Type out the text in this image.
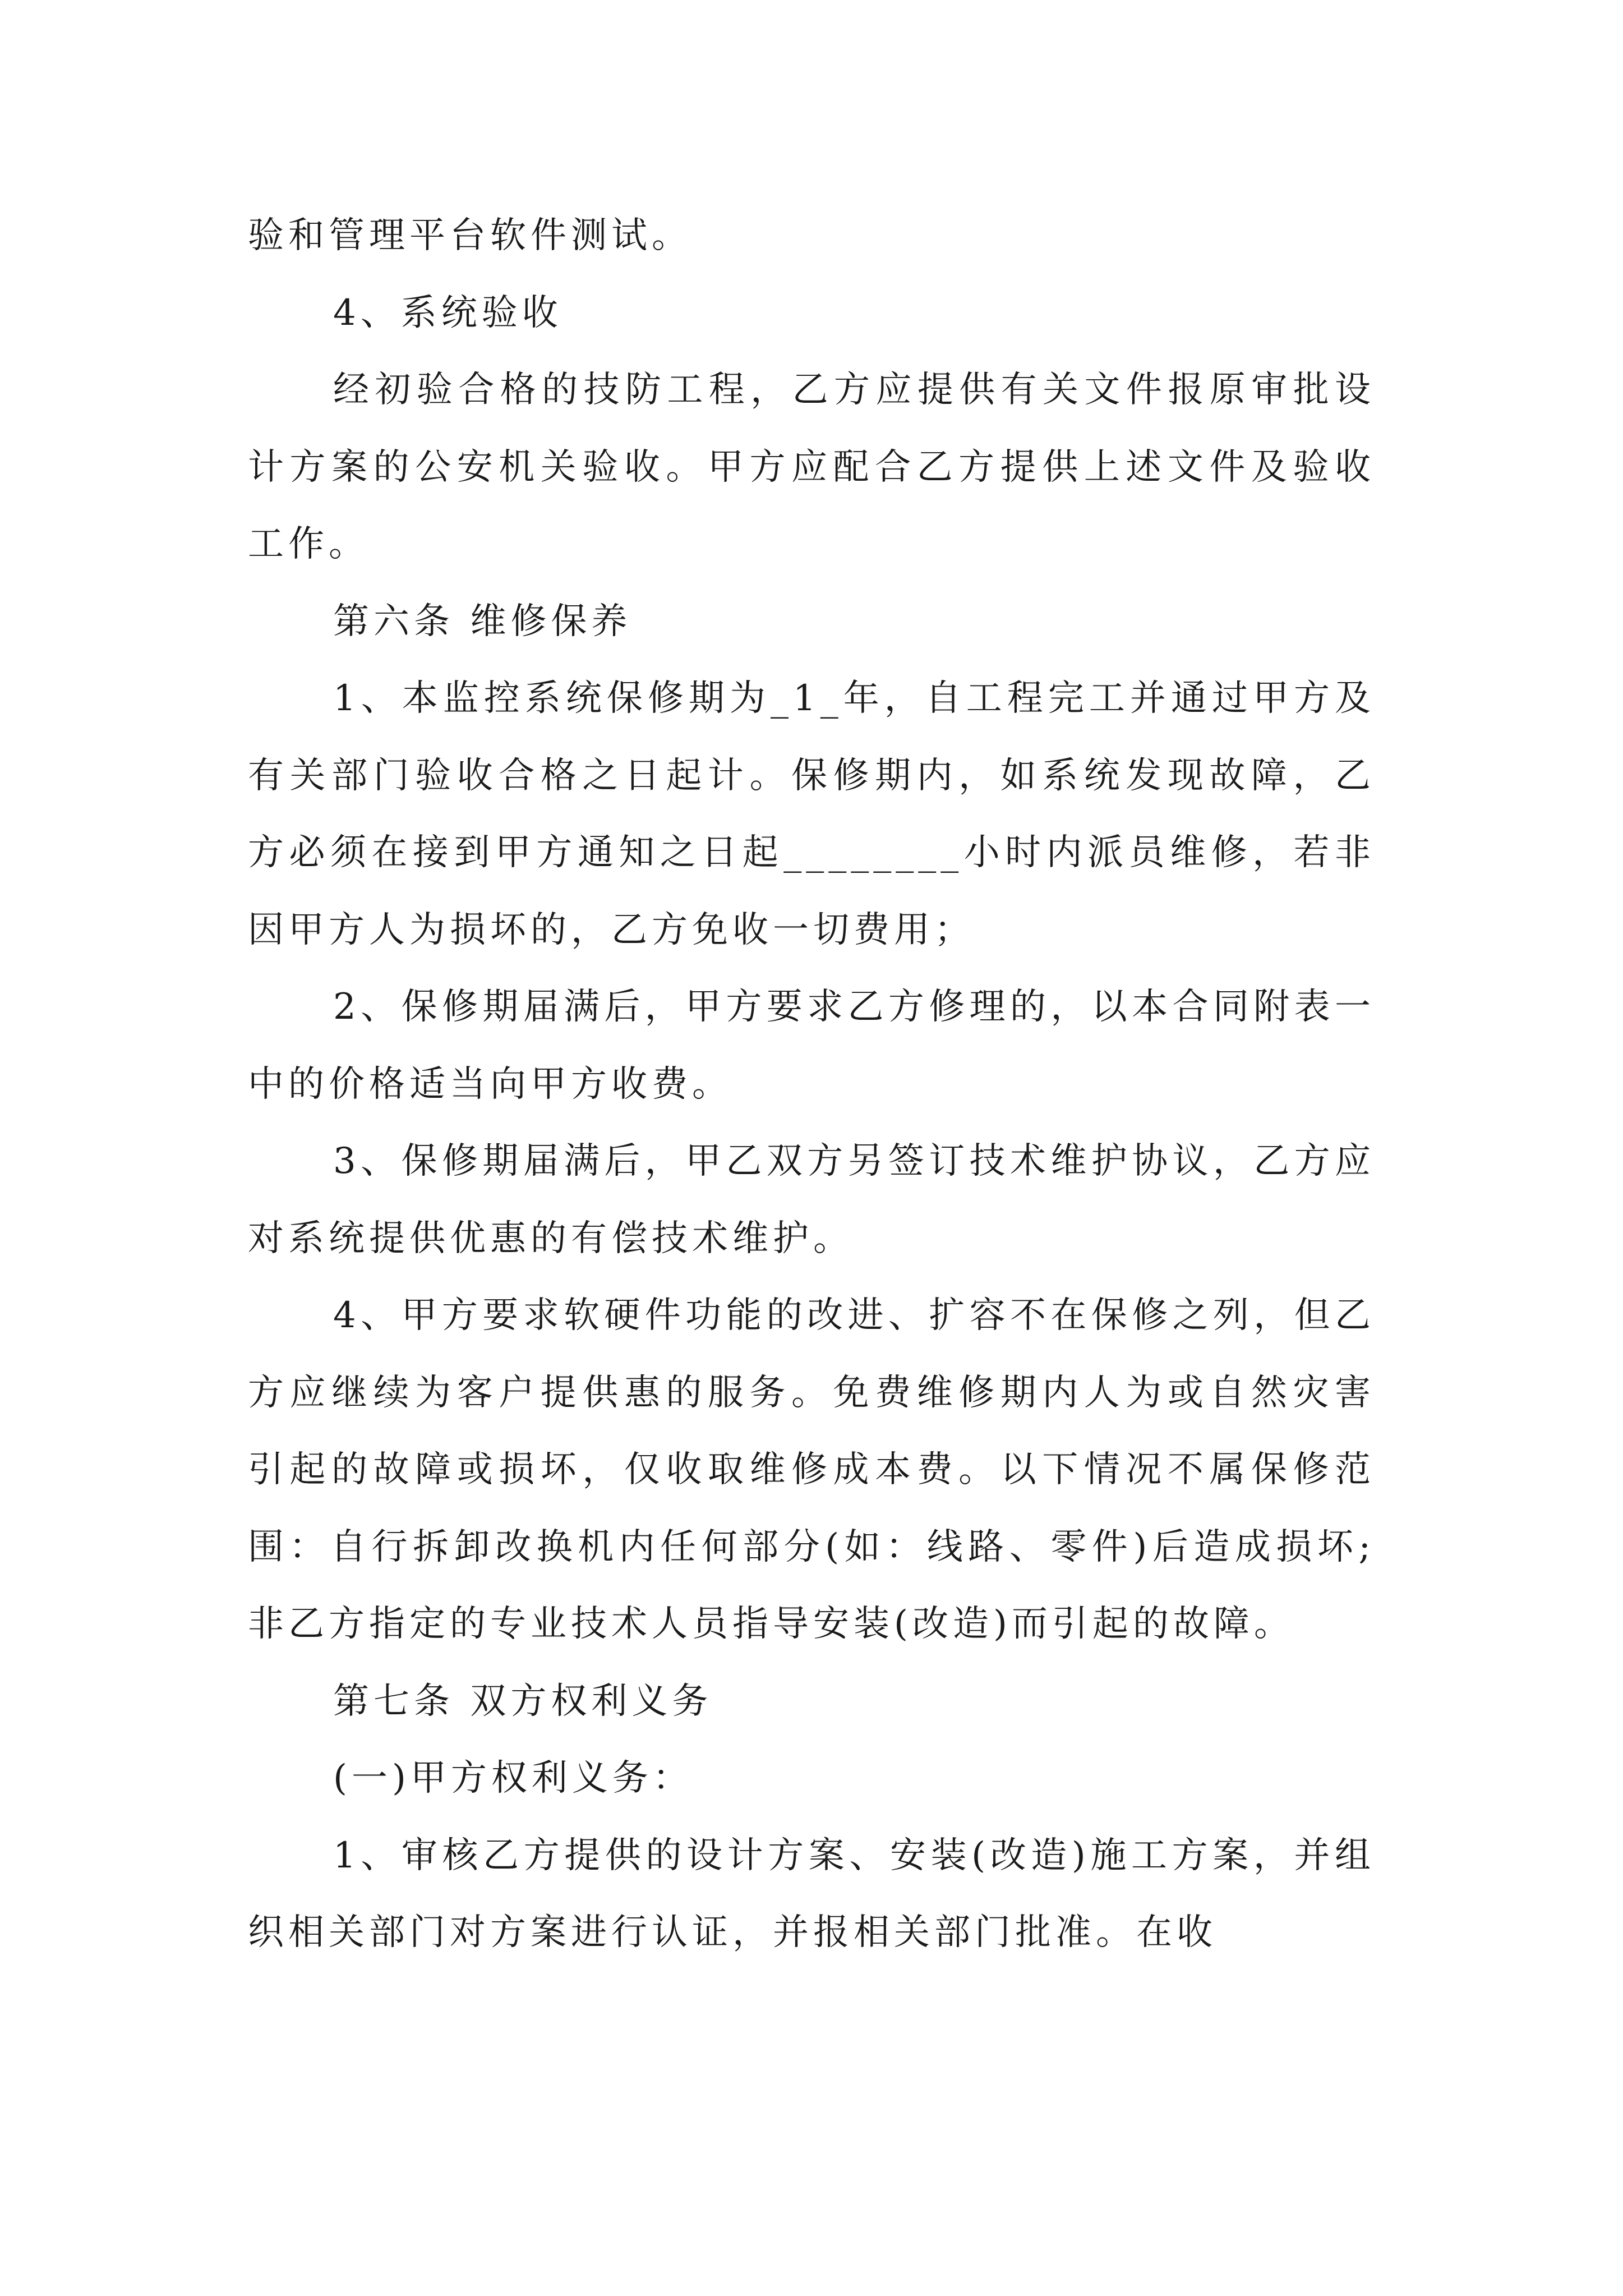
验和管理平台软件测试。

4、系统验收

经初验合格的技防工程，乙方应提供有关文件报原审批设计方案的公安机关验收。甲方应配合乙方提供上述文件及验收工作。

第六条 维修保养

1、本监控系统保修期为_1_年，自工程完工并通过甲方及有关部门验收合格之日起计。保修期内，如系统发现故障，乙方必须在接到甲方通知之日起________小时内派员维修，若非因甲方人为损坏的，乙方免收一切费用；

2、保修期届满后，甲方要求乙方修理的，以本合同附表一中的价格适当向甲方收费。

3、保修期届满后，甲乙双方另签订技术维护协议，乙方应对系统提供优惠的有偿技术维护。

4、甲方要求软硬件功能的改进、扩容不在保修之列，但乙方应继续为客户提供惠的服务。免费维修期内人为或自然灾害引起的故障或损坏，仅收取维修成本费。以下情况不属保修范围：自行拆卸改换机内任何部分(如：线路、零件)后造成损坏;非乙方指定的专业技术人员指导安装(改造)而引起的故障。

第七条 双方权利义务

(一)甲方权利义务：

1、审核乙方提供的设计方案、安装(改造)施工方案，并组织相关部门对方案进行认证，并报相关部门批准。在收
